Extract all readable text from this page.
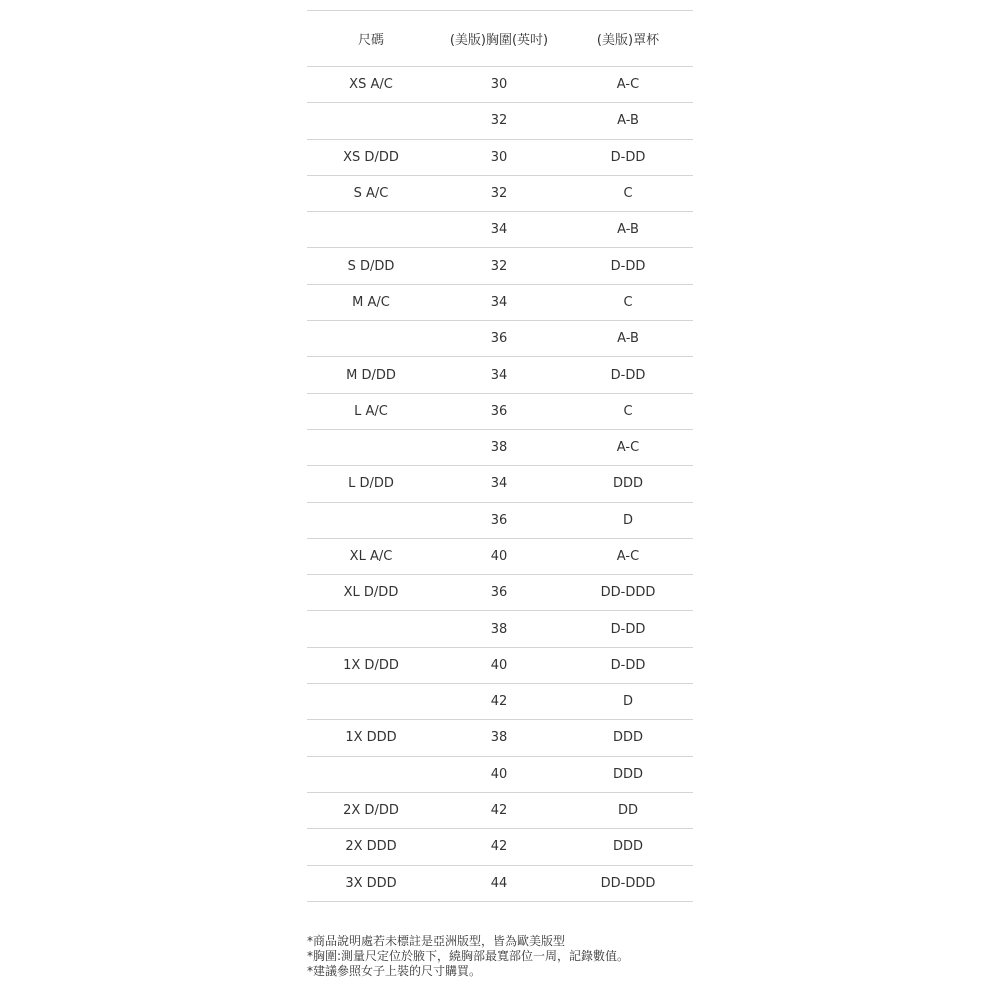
尺碼	(美版)胸圍(英吋)	(美版)罩杯
XS A/C	30	A-C
	32	A-B
XS D/DD	30	D-DD
S A/C	32	C
	34	A-B
S D/DD	32	D-DD
M A/C	34	C
	36	A-B
M D/DD	34	D-DD
L A/C	36	C
	38	A-C
L D/DD	34	DDD
	36	D
XL A/C	40	A-C
XL D/DD	36	DD-DDD
	38	D-DD
1X D/DD	40	D-DD
	42	D
1X DDD	38	DDD
	40	DDD
2X D/DD	42	DD
2X DDD	42	DDD
3X DDD	44	DD-DDD
*商品說明處若未標註是亞洲版型，皆為歐美版型
*胸圍:測量尺定位於腋下，繞胸部最寬部位一周，記錄數值。
*建議參照女子上裝的尺寸購買。
